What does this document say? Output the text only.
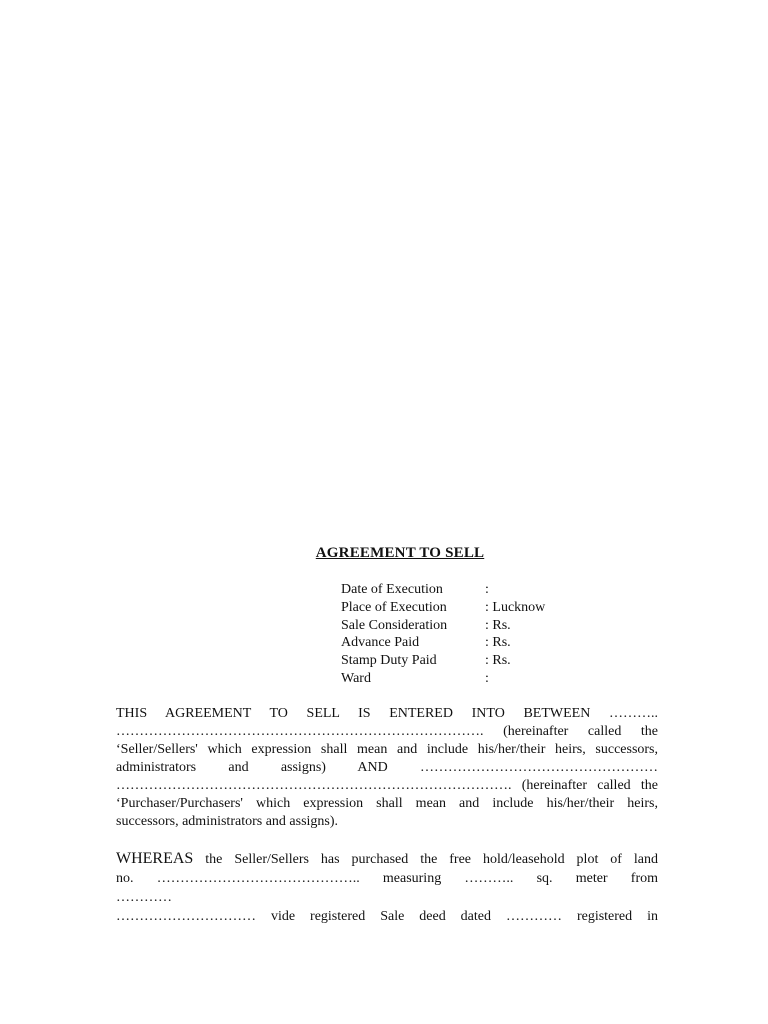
AGREEMENT TO SELL
Date of Execution	:
Place of Execution	: Lucknow
Sale Consideration	: Rs.
Advance Paid	: Rs.
Stamp Duty Paid	: Rs.
Ward	:
THIS AGREEMENT TO SELL IS ENTERED INTO BETWEEN ………..
……………………………………………………………………. (hereinafter called the
‘Seller/Sellers' which expression shall mean and include his/her/their heirs, successors,
administrators and assigns) AND ……………………………………………
…………………………………………………………………………. (hereinafter called the
‘Purchaser/Purchasers' which expression shall mean and include his/her/their heirs,
successors, administrators and assigns).
WHEREAS the Seller/Sellers has purchased the free hold/leasehold plot of land
no. …………………………………….. measuring ……….. sq. meter from
…………
………………………… vide registered Sale deed dated ………… registered in
